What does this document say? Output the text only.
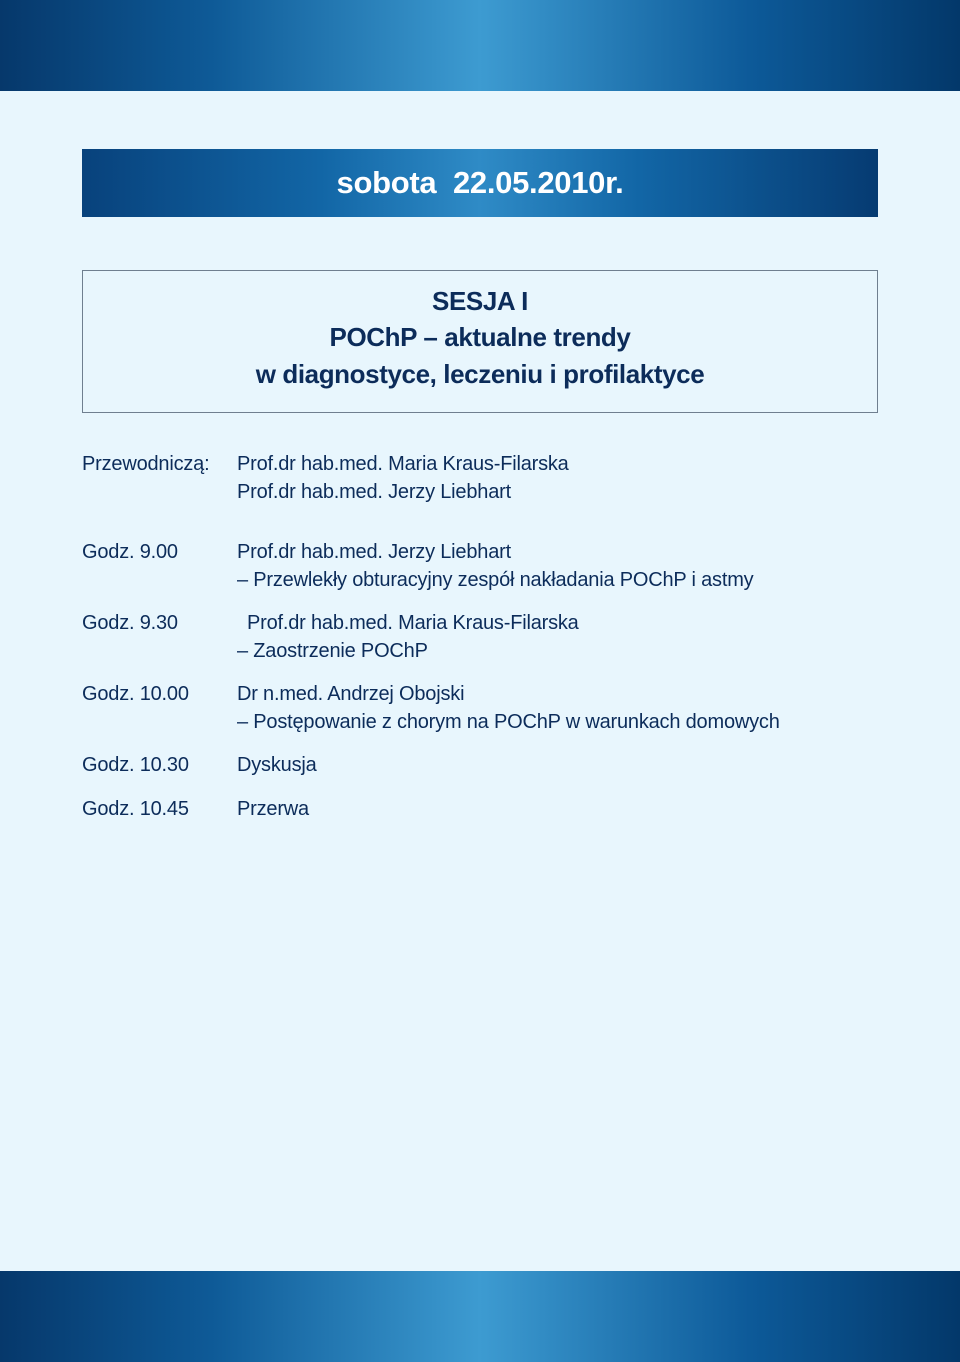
sobota  22.05.2010r.
SESJA I
POChP – aktualne trendy
w diagnostyce, leczeniu i profilaktyce
Przewodniczą: Prof.dr hab.med. Maria Kraus-Filarska
Prof.dr hab.med. Jerzy Liebhart
Godz. 9.00	Prof.dr hab.med. Jerzy Liebhart
– Przewlekły obturacyjny zespół nakładania POChP i astmy
Godz. 9.30	Prof.dr hab.med. Maria Kraus-Filarska
– Zaostrzenie POChP
Godz. 10.00 Dr n.med. Andrzej Obojski
– Postępowanie z chorym na POChP w warunkach domowych
Godz. 10.30 Dyskusja
Godz. 10.45 Przerwa
